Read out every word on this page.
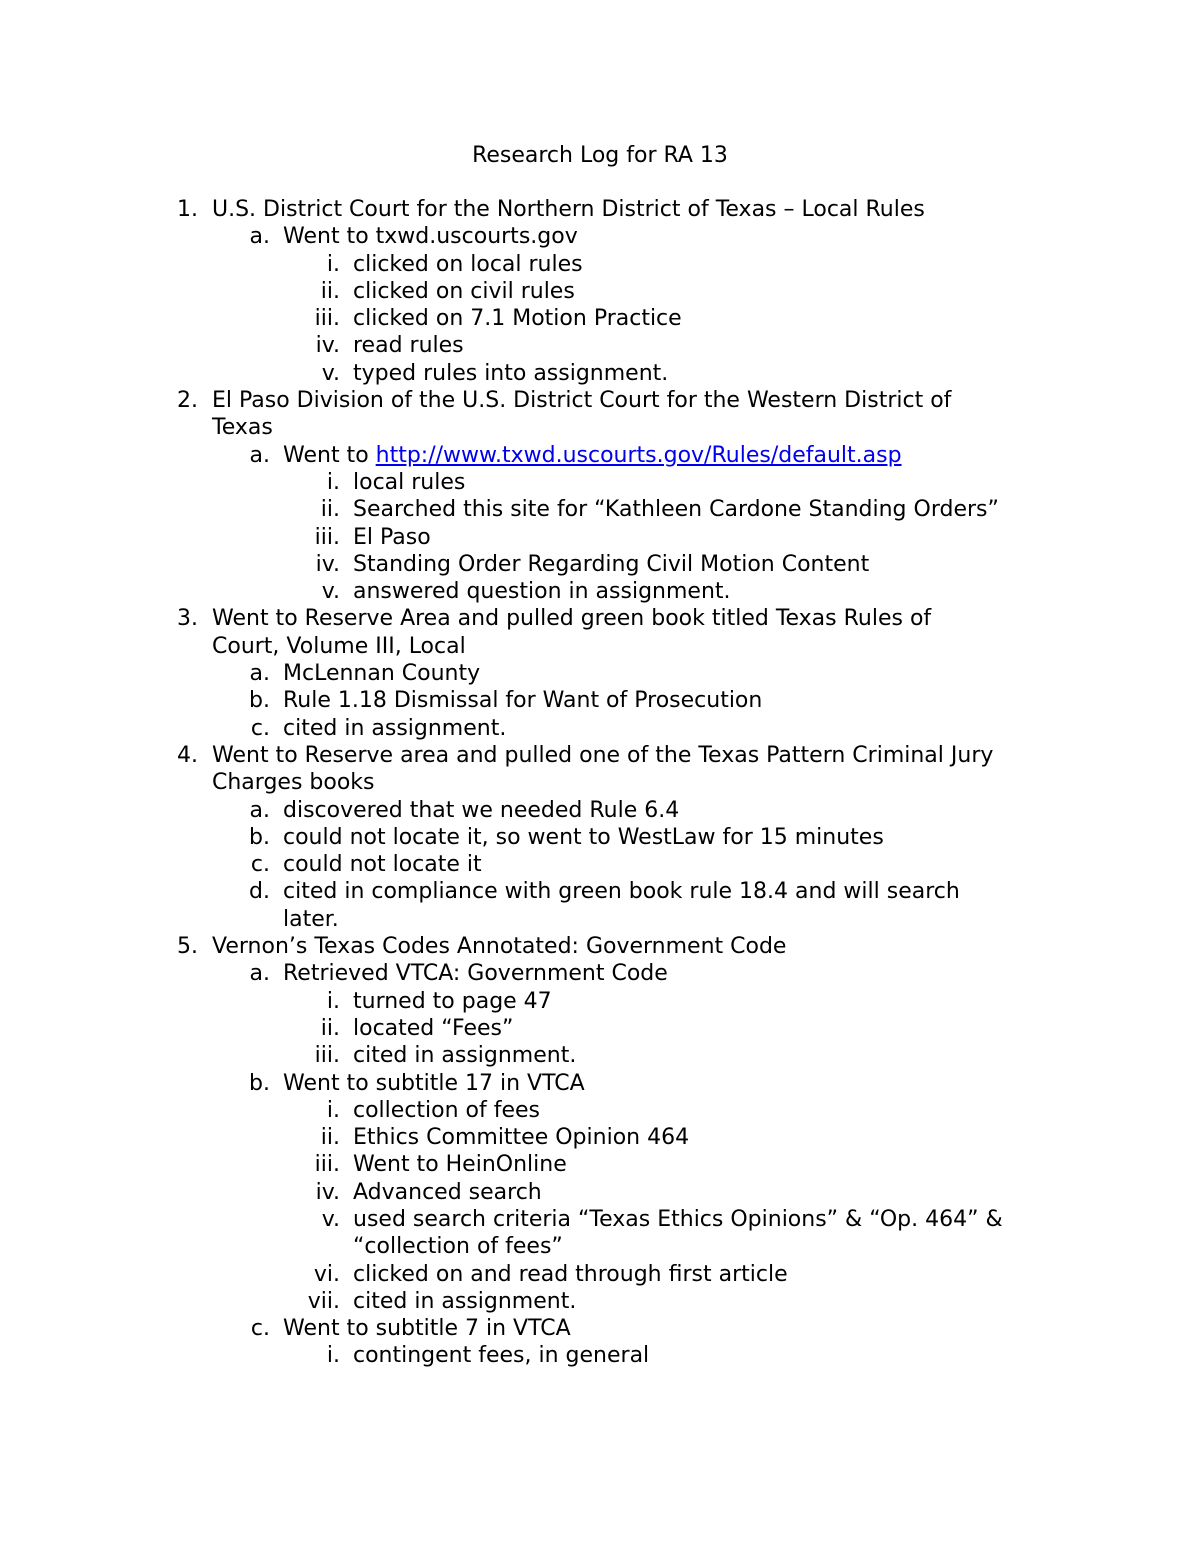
Research Log for RA 13
1. U.S. District Court for the Northern District of Texas – Local Rules
a. Went to txwd.uscourts.gov
i. clicked on local rules
ii. clicked on civil rules
iii. clicked on 7.1 Motion Practice
iv. read rules
v. typed rules into assignment.
2. El Paso Division of the U.S. District Court for the Western District of
Texas
a. Went to http://www.txwd.uscourts.gov/Rules/default.asp
i. local rules
ii. Searched this site for “Kathleen Cardone Standing Orders”
iii. El Paso
iv. Standing Order Regarding Civil Motion Content
v. answered question in assignment.
3. Went to Reserve Area and pulled green book titled Texas Rules of
Court, Volume III, Local
a. McLennan County
b. Rule 1.18 Dismissal for Want of Prosecution
c. cited in assignment.
4. Went to Reserve area and pulled one of the Texas Pattern Criminal Jury
Charges books
a. discovered that we needed Rule 6.4
b. could not locate it, so went to WestLaw for 15 minutes
c. could not locate it
d. cited in compliance with green book rule 18.4 and will search
later.
5. Vernon’s Texas Codes Annotated: Government Code
a. Retrieved VTCA: Government Code
i. turned to page 47
ii. located “Fees”
iii. cited in assignment.
b. Went to subtitle 17 in VTCA
i. collection of fees
ii. Ethics Committee Opinion 464
iii. Went to HeinOnline
iv. Advanced search
v. used search criteria “Texas Ethics Opinions” & “Op. 464” &
“collection of fees”
vi. clicked on and read through first article
vii. cited in assignment.
c. Went to subtitle 7 in VTCA
i. contingent fees, in general
